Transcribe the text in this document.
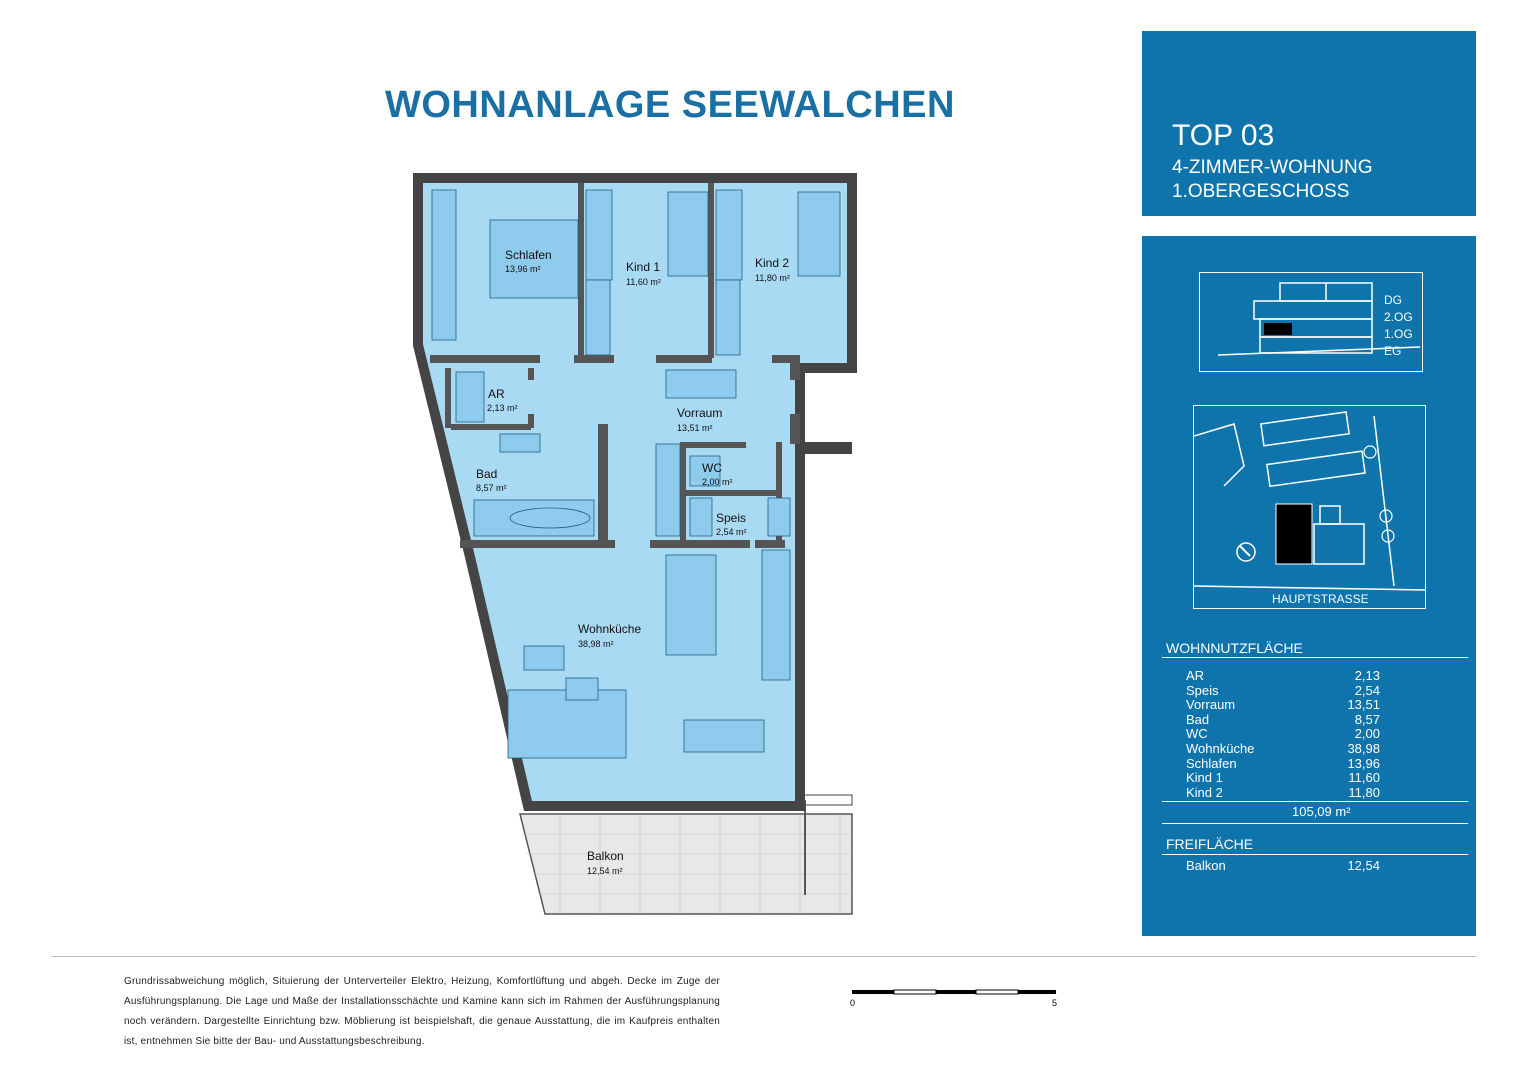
WOHNANLAGE SEEWALCHEN
Schlafen
13,96 m²	Kind 1
11,60 m²
Kind 2
11,80 m²
AR
2,13 m²	Vorraum
13,51 m²
Bad
8,57 m²
WC
2,00 m²
Speis
2,54 m²
Wohnküche
38,98 m²
Balkon
12,54 m²
TOP 03
4-ZIMMER-WOHNUNG
1.OBERGESCHOSS
DG
2.OG
1.OG
EG
HAUPTSTRASSE
WOHNNUTZFLÄCHE
AR	2,13
Speis	2,54
Vorraum	13,51
Bad	8,57
WC	2,00
Wohnküche	38,98
Schlafen	13,96
Kind 1	11,60
Kind 2	11,80
105,09 m²
FREIFLÄCHE
Balkon	12,54
Grundrissabweichung möglich, Situierung der Unterverteiler Elektro, Heizung, Komfortlüftung und abgeh. Decke im Zuge der Ausführungsplanung. Die Lage und Maße der Installationsschächte und Kamine kann sich im Rahmen der Ausführungsplanung noch verändern. Dargestellte Einrichtung bzw. Möblierung ist beispielshaft, die genaue Ausstattung, die im Kaufpreis enthalten ist, entnehmen Sie bitte der Bau- und Ausstattungsbeschreibung.
0	5
